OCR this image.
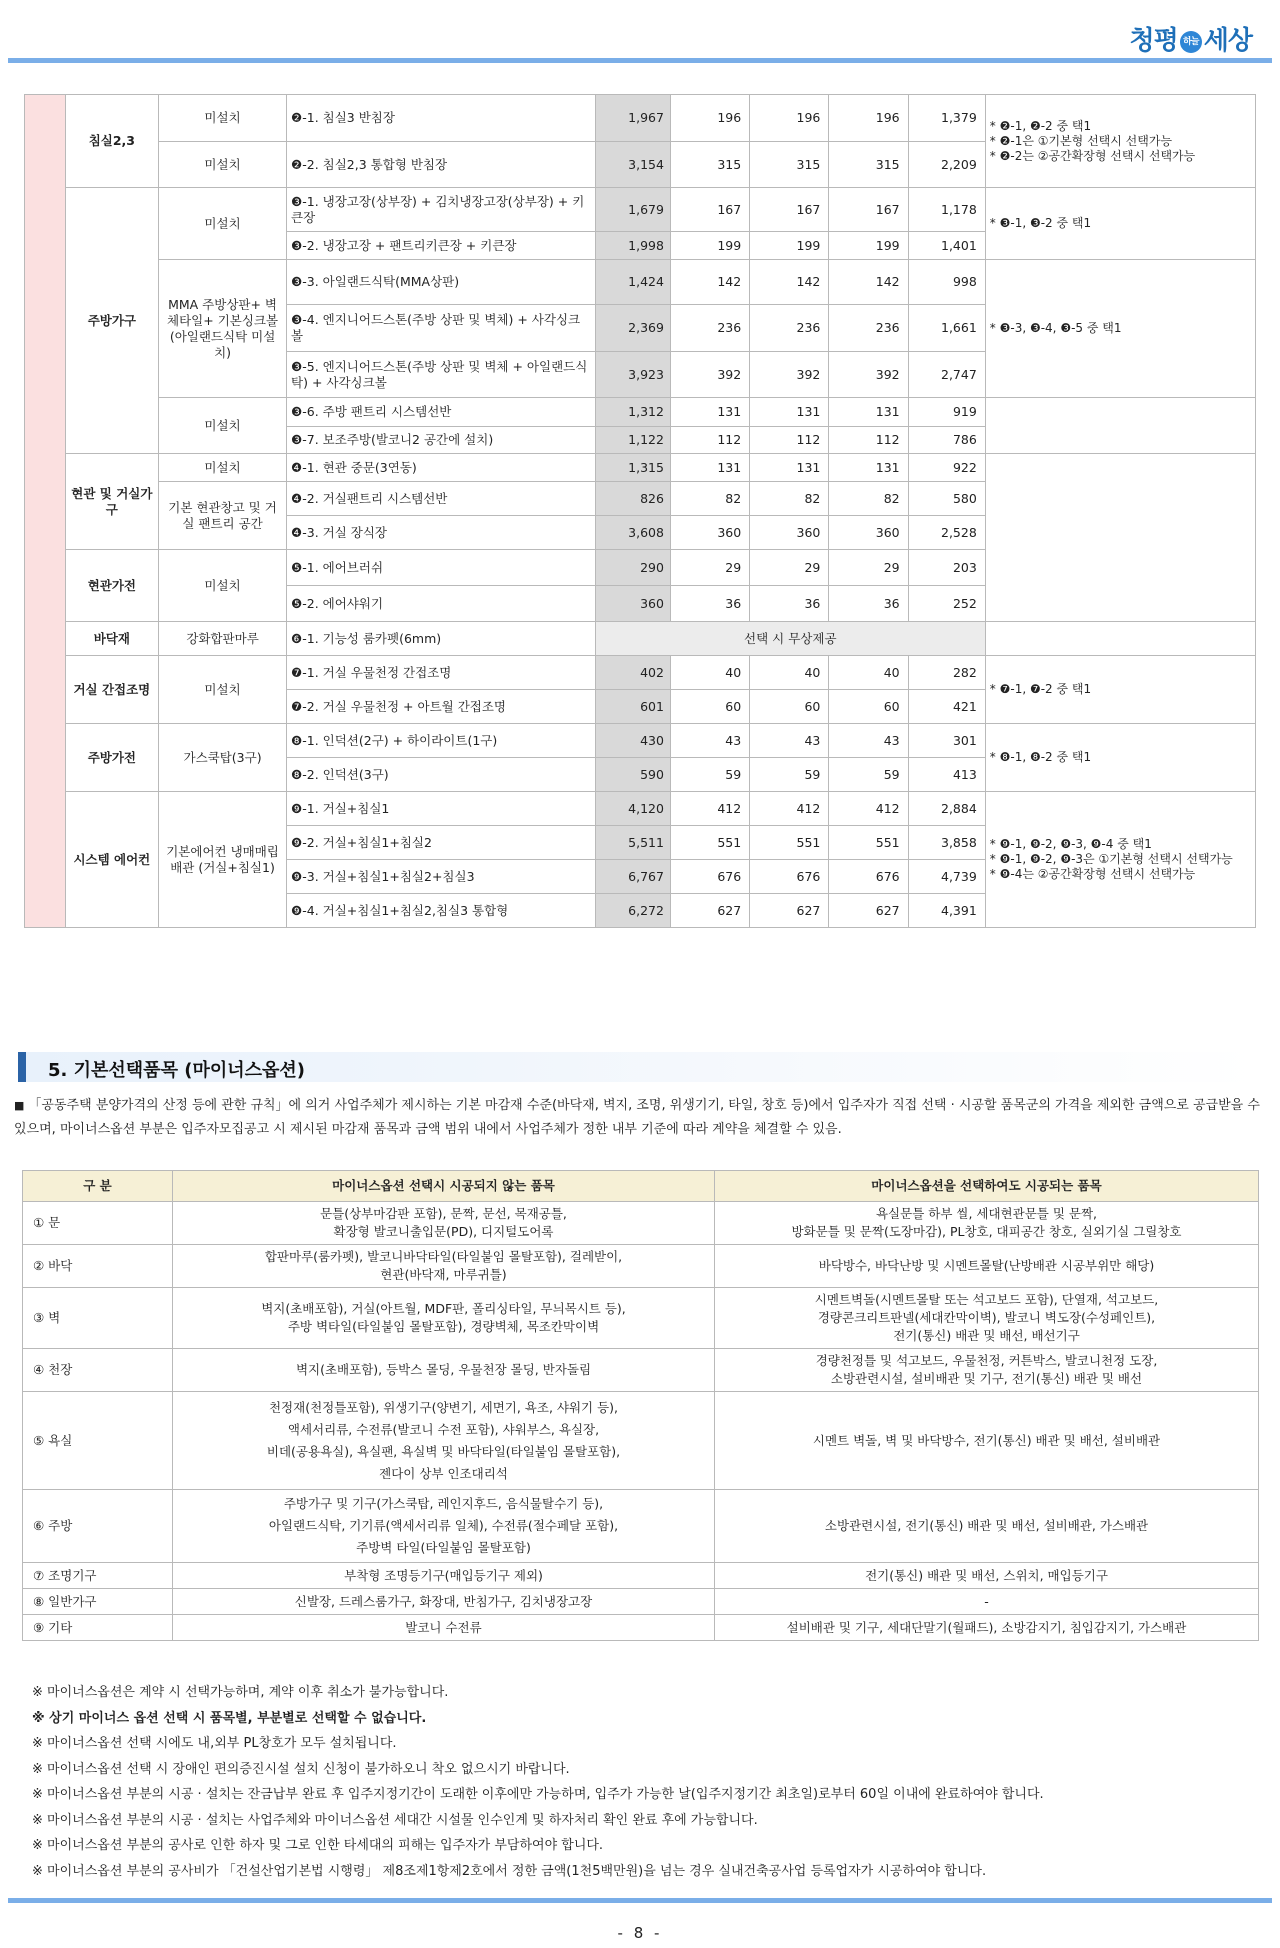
청평 하늘 세상
	침실2,3	미설치	❷-1. 침실3 반침장	1,967	196	196	196	1,379	* ❷-1, ❷-2 중 택1
* ❷-1은 ①기본형 선택시 선택가능
* ❷-2는 ②공간확장형 선택시 선택가능
		미설치	❷-2. 침실2,3 통합형 반침장	3,154	315	315	315	2,209	
	주방가구	미설치	❸-1. 냉장고장(상부장) + 김치냉장고장(상부장) + 키큰장	1,679	167	167	167	1,178	* ❸-1, ❸-2 중 택1
			❸-2. 냉장고장 + 팬트리키큰장 + 키큰장	1,998	199	199	199	1,401	
		MMA 주방상판+ 벽체타일+ 기본싱크볼 (아일랜드식탁 미설치)	❸-3. 아일랜드식탁(MMA상판)	1,424	142	142	142	998	* ❸-3, ❸-4, ❸-5 중 택1
			❸-4. 엔지니어드스톤(주방 상판 및 벽체) + 사각싱크볼	2,369	236	236	236	1,661	
			❸-5. 엔지니어드스톤(주방 상판 및 벽체 + 아일랜드식탁) + 사각싱크볼	3,923	392	392	392	2,747	
		미설치	❸-6. 주방 팬트리 시스템선반	1,312	131	131	131	919	
			❸-7. 보조주방(발코니2 공간에 설치)	1,122	112	112	112	786	
	현관 및 거실가구	미설치	❹-1. 현관 중문(3연동)	1,315	131	131	131	922	
		기본 현관창고 및 거실 팬트리 공간	❹-2. 거실팬트리 시스템선반	826	82	82	82	580	
			❹-3. 거실 장식장	3,608	360	360	360	2,528	
	현관가전	미설치	❺-1. 에어브러쉬	290	29	29	29	203	
			❺-2. 에어샤워기	360	36	36	36	252	
	바닥재	강화합판마루	❻-1. 기능성 룸카펫(6mm)	선택 시 무상제공					
	거실 간접조명	미설치	❼-1. 거실 우물천정 간접조명	402	40	40	40	282	* ❼-1, ❼-2 중 택1
			❼-2. 거실 우물천정 + 아트월 간접조명	601	60	60	60	421	
	주방가전	가스쿡탑(3구)	❽-1. 인덕션(2구) + 하이라이트(1구)	430	43	43	43	301	* ❽-1, ❽-2 중 택1
			❽-2. 인덕션(3구)	590	59	59	59	413	
	시스템 에어컨	기본에어컨 냉매매립배관 (거실+침실1)	❾-1. 거실+침실1	4,120	412	412	412	2,884	* ❾-1, ❾-2, ❾-3, ❾-4 중 택1
* ❾-1, ❾-2, ❾-3은 ①기본형 선택시 선택가능
* ❾-4는 ②공간확장형 선택시 선택가능
			❾-2. 거실+침실1+침실2	5,511	551	551	551	3,858	
			❾-3. 거실+침실1+침실2+침실3	6,767	676	676	676	4,739	
			❾-4. 거실+침실1+침실2,침실3 통합형	6,272	627	627	627	4,391	
5. 기본선택품목 (마이너스옵션)
■ 「공동주택 분양가격의 산정 등에 관한 규칙」에 의거 사업주체가 제시하는 기본 마감재 수준(바닥재, 벽지, 조명, 위생기기, 타일, 창호 등)에서 입주자가 직접 선택 · 시공할 품목군의 가격을 제외한 금액으로 공급받을 수 있으며, 마이너스옵션 부분은 입주자모집공고 시 제시된 마감재 품목과 금액 범위 내에서 사업주체가 정한 내부 기준에 따라 계약을 체결할 수 있음.
구 분	마이너스옵션 선택시 시공되지 않는 품목	마이너스옵션을 선택하여도 시공되는 품목
① 문	문틀(상부마감판 포함), 문짝, 문선, 목재공틀,
확장형 발코니출입문(PD), 디지털도어록	욕실문틀 하부 씰, 세대현관문틀 및 문짝,
방화문틀 및 문짝(도장마감), PL창호, 대피공간 창호, 실외기실 그릴창호
② 바닥	합판마루(룸카펫), 발코니바닥타일(타일붙임 몰탈포함), 걸레받이,
현관(바닥재, 마루귀틀)	바닥방수, 바닥난방 및 시멘트몰탈(난방배관 시공부위만 해당)
③ 벽	벽지(초배포함), 거실(아트월, MDF판, 폴리싱타일, 무늬목시트 등),
주방 벽타일(타일붙임 몰탈포함), 경량벽체, 목조칸막이벽	시멘트벽돌(시멘트몰탈 또는 석고보드 포함), 단열재, 석고보드,
경량콘크리트판넬(세대칸막이벽), 발코니 벽도장(수성페인트),
전기(통신) 배관 및 배선, 배선기구
④ 천장	벽지(초배포함), 등박스 몰딩, 우물천장 몰딩, 반자돌림	경량천정틀 및 석고보드, 우물천정, 커튼박스, 발코니천정 도장,
소방관련시설, 설비배관 및 기구, 전기(통신) 배관 및 배선
⑤ 욕실	천정재(천정틀포함), 위생기구(양변기, 세면기, 욕조, 샤워기 등),
액세서리류, 수전류(발코니 수전 포함), 샤워부스, 욕실장,
비데(공용욕실), 욕실팬, 욕실벽 및 바닥타일(타일붙임 몰탈포함),
젠다이 상부 인조대리석	시멘트 벽돌, 벽 및 바닥방수, 전기(통신) 배관 및 배선, 설비배관
⑥ 주방	주방가구 및 기구(가스쿡탑, 레인지후드, 음식물탈수기 등),
아일랜드식탁, 기기류(액세서리류 일체), 수전류(절수페달 포함),
주방벽 타일(타일붙임 몰탈포함)	소방관련시설, 전기(통신) 배관 및 배선, 설비배관, 가스배관
⑦ 조명기구	부착형 조명등기구(매입등기구 제외)	전기(통신) 배관 및 배선, 스위치, 매입등기구
⑧ 일반가구	신발장, 드레스룸가구, 화장대, 반침가구, 김치냉장고장	-
⑨ 기타	발코니 수전류	설비배관 및 기구, 세대단말기(월패드), 소방감지기, 침입감지기, 가스배관
※ 마이너스옵션은 계약 시 선택가능하며, 계약 이후 취소가 불가능합니다.
※ 상기 마이너스 옵션 선택 시 품목별, 부분별로 선택할 수 없습니다.
※ 마이너스옵션 선택 시에도 내,외부 PL창호가 모두 설치됩니다.
※ 마이너스옵션 선택 시 장애인 편의증진시설 설치 신청이 불가하오니 착오 없으시기 바랍니다.
※ 마이너스옵션 부분의 시공 · 설치는 잔금납부 완료 후 입주지정기간이 도래한 이후에만 가능하며, 입주가 가능한 날(입주지정기간 최초일)로부터 60일 이내에 완료하여야 합니다.
※ 마이너스옵션 부분의 시공 · 설치는 사업주체와 마이너스옵션 세대간 시설물 인수인계 및 하자처리 확인 완료 후에 가능합니다.
※ 마이너스옵션 부분의 공사로 인한 하자 및 그로 인한 타세대의 피해는 입주자가 부담하여야 합니다.
※ 마이너스옵션 부분의 공사비가 「건설산업기본법 시행령」 제8조제1항제2호에서 정한 금액(1천5백만원)을 넘는 경우 실내건축공사업 등록업자가 시공하여야 합니다.
- 8 -
